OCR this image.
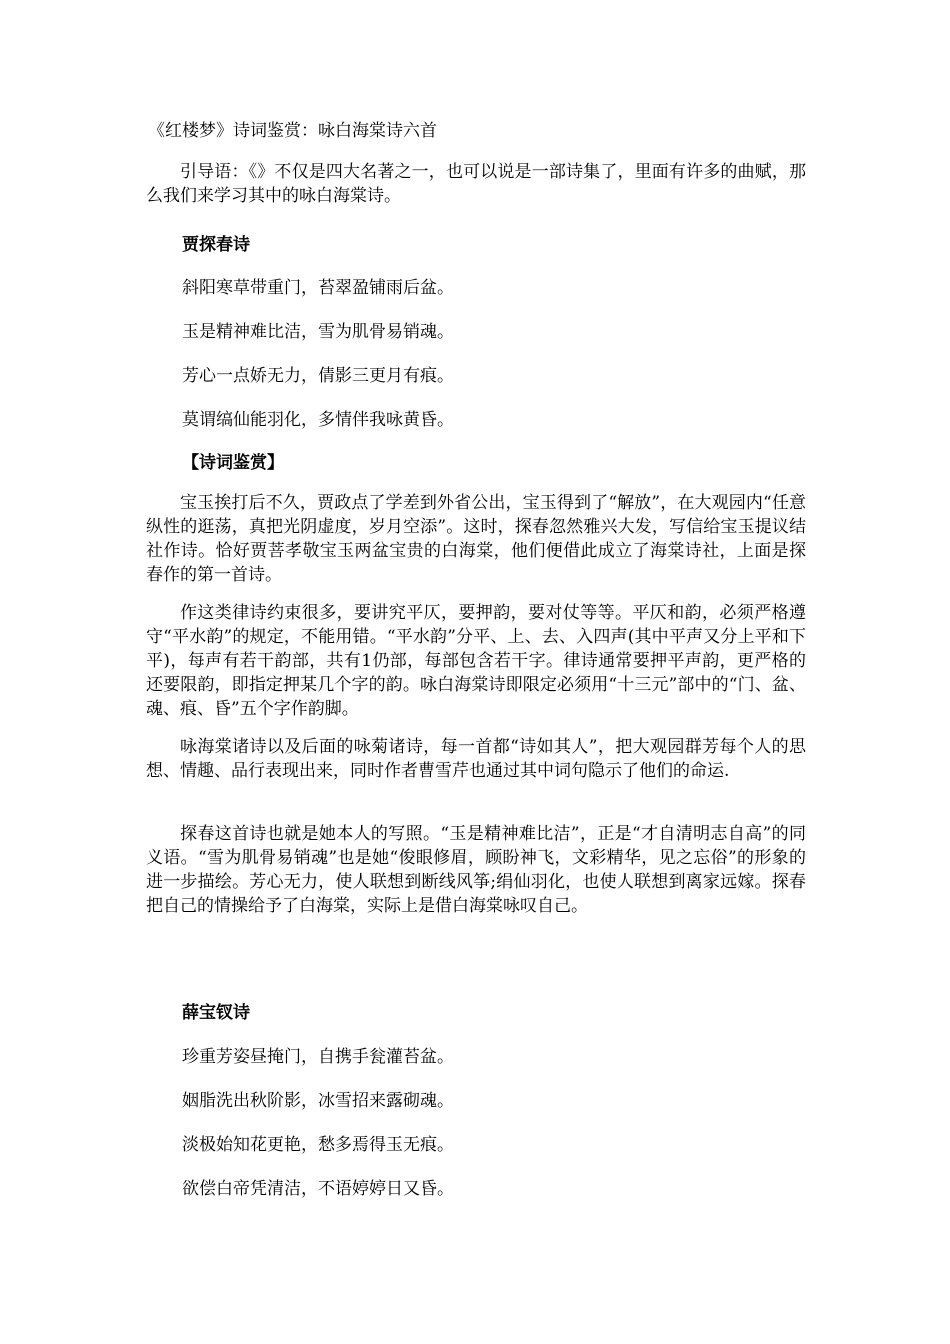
《红楼梦》诗词鉴赏：咏白海棠诗六首

引导语：《》不仅是四大名著之一，也可以说是一部诗集了，里面有许多的曲赋，那么我们来学习其中的咏白海棠诗。

贾探春诗
斜阳寒草带重门，苔翠盈铺雨后盆。
玉是精神难比洁，雪为肌骨易销魂。
芳心一点娇无力，倩影三更月有痕。
莫谓缟仙能羽化，多情伴我咏黄昏。
【诗词鉴赏】

宝玉挨打后不久，贾政点了学差到外省公出，宝玉得到了“解放”，在大观园内“任意纵性的逛荡，真把光阴虚度，岁月空添”。这时，探春忽然雅兴大发，写信给宝玉提议结社作诗。恰好贾菩孝敬宝玉两盆宝贵的白海棠，他们便借此成立了海棠诗社，上面是探春作的第一首诗。

作这类律诗约束很多，要讲究平仄，要押韵，要对仗等等。平仄和韵，必须严格遵守“平水韵”的规定，不能用错。“平水韵”分平、上、去、入四声(其中平声又分上平和下平)，每声有若干韵部，共有1仍部，每部包含若干字。律诗通常要押平声韵，更严格的还要限韵，即指定押某几个字的韵。咏白海棠诗即限定必须用“十三元”部中的“门、盆、魂、痕、昏”五个字作韵脚。

咏海棠诸诗以及后面的咏菊诸诗，每一首都“诗如其人”，把大观园群芳每个人的思想、情趣、品行表现出来，同时作者曹雪芹也通过其中词句隐示了他们的命运.

探春这首诗也就是她本人的写照。“玉是精神难比洁”，正是“才自清明志自高”的同义语。“雪为肌骨易销魂”也是她“俊眼修眉，顾盼神飞，文彩精华，见之忘俗”的形象的进一步描绘。芳心无力，使人联想到断线风筝;绢仙羽化，也使人联想到离家远嫁。探春把自己的情操给予了白海棠，实际上是借白海棠咏叹自己。

薛宝钗诗
珍重芳姿昼掩门，自携手瓮灌苔盆。
姻脂洗出秋阶影，冰雪招来露砌魂。
淡极始知花更艳，愁多焉得玉无痕。
欲偿白帝凭清洁，不语婷婷日又昏。
